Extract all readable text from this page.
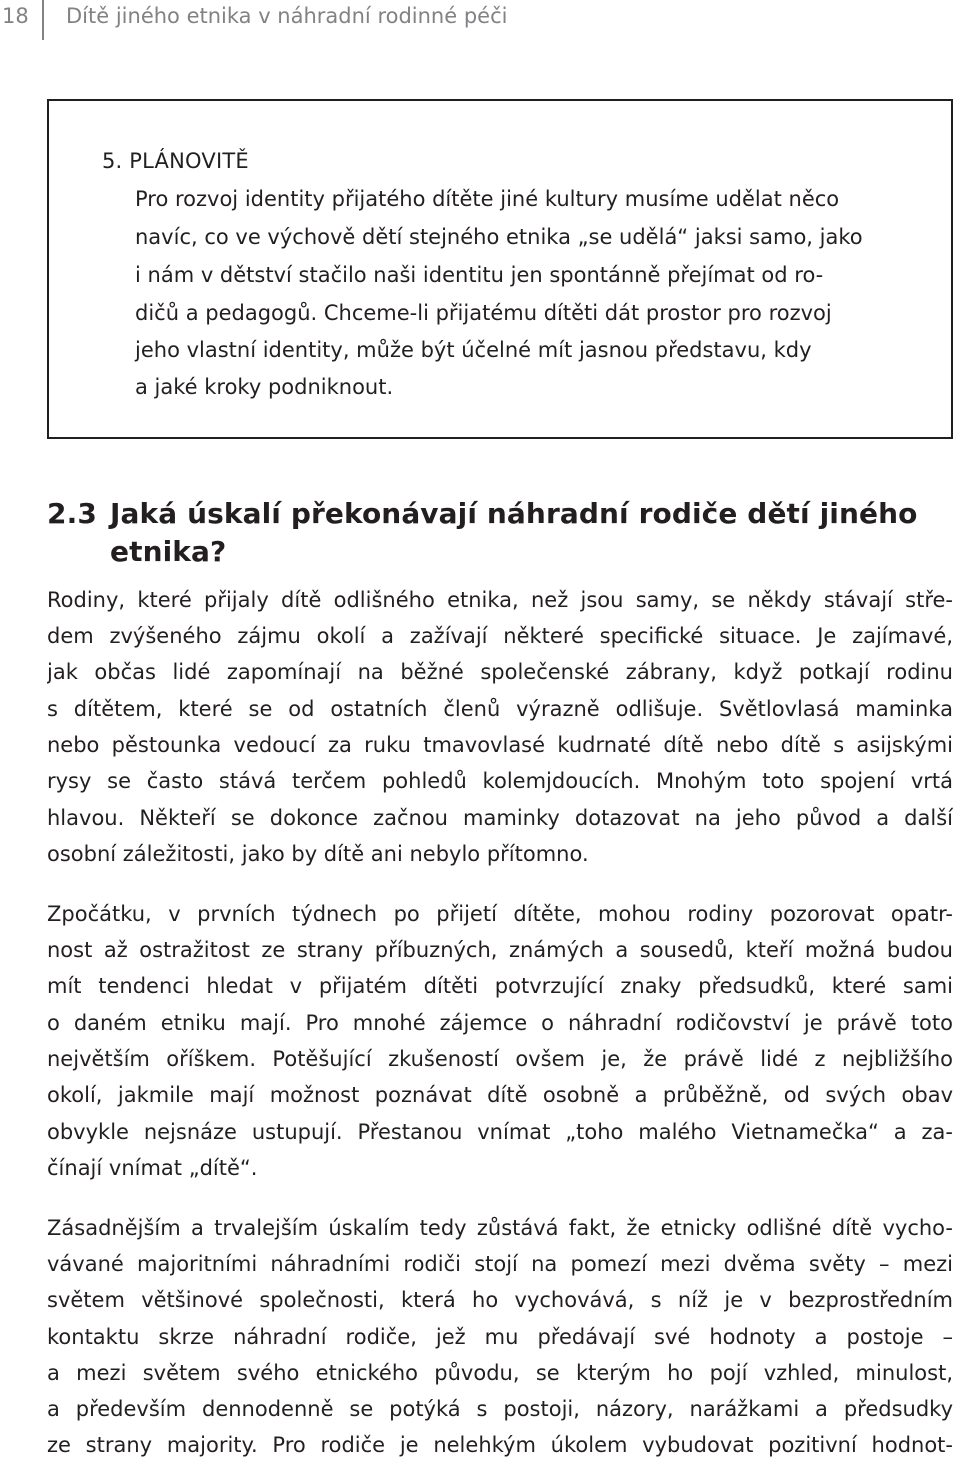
18 Dítě jiného etnika v náhradní rodinné péči
5. PLÁNOVITĚ
Pro rozvoj identity přijatého dítěte jiné kultury musíme udělat něco
navíc, co ve výchově dětí stejného etnika „se udělá“ jaksi samo, jako
i nám v dětství stačilo naši identitu jen spontánně přejímat od ro-
dičů a pedagogů. Chceme-li přijatému dítěti dát prostor pro rozvoj
jeho vlastní identity, může být účelné mít jasnou představu, kdy
a jaké kroky podniknout.
2.3 Jaká úskalí překonávají náhradní rodiče dětí jiného
etnika?
Rodiny, které přijaly dítě odlišného etnika, než jsou samy, se někdy stávají stře-
dem zvýšeného zájmu okolí a zažívají některé specifické situace. Je zajímavé,
jak občas lidé zapomínají na běžné společenské zábrany, když potkají rodinu
s dítětem, které se od ostatních členů výrazně odlišuje. Světlovlasá maminka
nebo pěstounka vedoucí za ruku tmavovlasé kudrnaté dítě nebo dítě s asijskými
rysy se často stává terčem pohledů kolemjdoucích. Mnohým toto spojení vrtá
hlavou. Někteří se dokonce začnou maminky dotazovat na jeho původ a další
osobní záležitosti, jako by dítě ani nebylo přítomno.
Zpočátku, v prvních týdnech po přijetí dítěte, mohou rodiny pozorovat opatr-
nost až ostražitost ze strany příbuzných, známých a sousedů, kteří možná budou
mít tendenci hledat v přijatém dítěti potvrzující znaky předsudků, které sami
o daném etniku mají. Pro mnohé zájemce o náhradní rodičovství je právě toto
největším oříškem. Potěšující zkušeností ovšem je, že právě lidé z nejbližšího
okolí, jakmile mají možnost poznávat dítě osobně a průběžně, od svých obav
obvykle nejsnáze ustupují. Přestanou vnímat „toho malého Vietnamečka“ a za-
čínají vnímat „dítě“.
Zásadnějším a trvalejším úskalím tedy zůstává fakt, že etnicky odlišné dítě vycho-
vávané majoritními náhradními rodiči stojí na pomezí mezi dvěma světy – mezi
světem většinové společnosti, která ho vychovává, s níž je v bezprostředním
kontaktu skrze náhradní rodiče, jež mu předávají své hodnoty a postoje –
a mezi světem svého etnického původu, se kterým ho pojí vzhled, minulost,
a především dennodenně se potýká s postoji, názory, narážkami a předsudky
ze strany majority. Pro rodiče je nelehkým úkolem vybudovat pozitivní hodnot-
